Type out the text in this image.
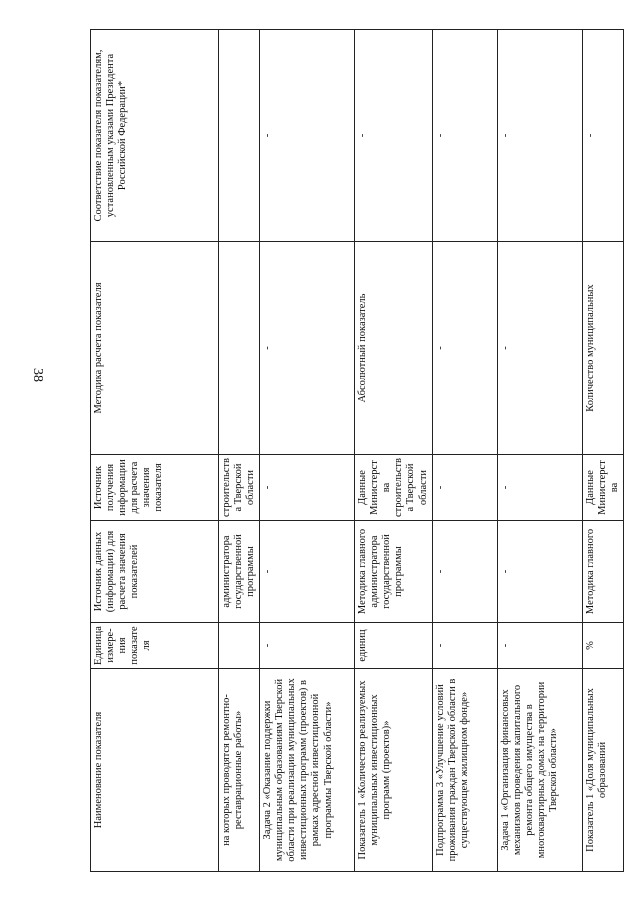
38
Наименование показателя	Единица измере-ния показателя	Источник данных (информации) для расчета значения показателей	Источник получения информации для расчета значения показателя	Методика расчета показателя	Соответствие показателя показателям, установленным указами Президента Российской Федерации*
на которых проводятся ремонтно-реставрационные работы»		администратора государственной программы	строительства Тверской области		
Задача 2 «Оказание поддержки муниципальным образованиям Тверской области при реализации муниципальных инвестиционных программ (проектов) в рамках адресной инвестиционной программы Тверской области»	-	-	-	-	-
Показатель 1 «Количество реализуемых муниципальных инвестиционных программ (проектов)»	единиц	Методика главного администратора государственной программы	Данные Министерства строительства Тверской области	Абсолютный показатель	-
Подпрограмма 3 «Улучшение условий проживания граждан Тверской области в существующем жилищном фонде»	-	-	-	-	-
Задача 1 «Организация финансовых механизмов проведения капитального ремонта общего имущества в многоквартирных домах на территории Тверской области»	-	-	-	-	-
Показатель 1 «Доля муниципальных образований	%	Методика главного	Данные Министерства	Количество муниципальных	-
